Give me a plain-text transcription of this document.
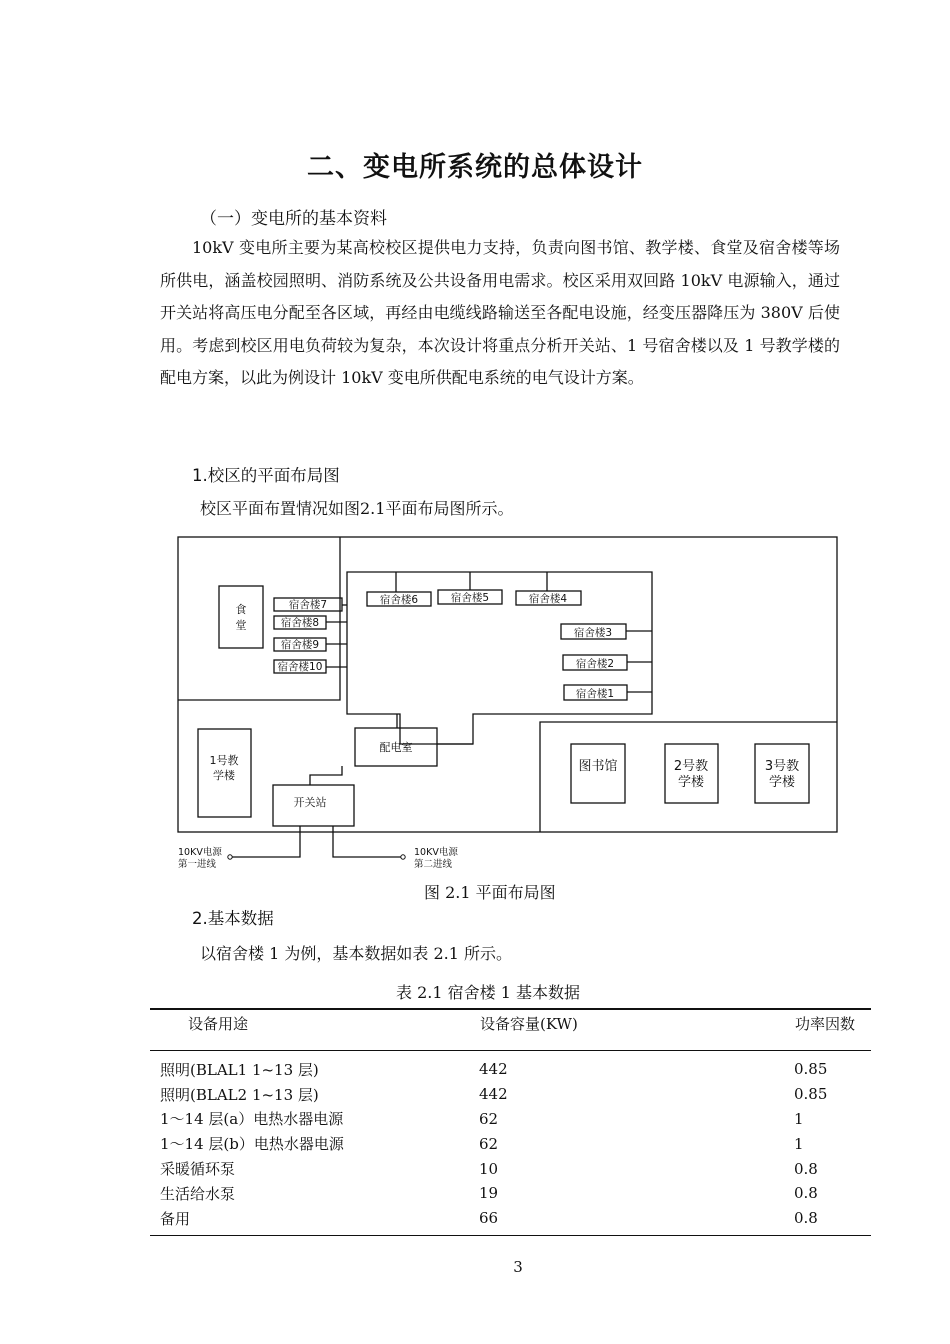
二、变电所系统的总体设计
（一）变电所的基本资料
10kV 变电所主要为某高校校区提供电力支持，负责向图书馆、教学楼、食堂及宿舍楼等场所供电，涵盖校园照明、消防系统及公共设备用电需求。校区采用双回路 10kV 电源输入，通过开关站将高压电分配至各区域，再经由电缆线路输送至各配电设施，经变压器降压为 380V 后使用。考虑到校区用电负荷较为复杂，本次设计将重点分析开关站、1 号宿舍楼以及 1 号教学楼的配电方案，以此为例设计 10kV 变电所供配电系统的电气设计方案。
1.校区的平面布局图
校区平面布置情况如图2.1平面布局图所示。
食
堂
宿舍楼7
宿舍楼8
宿舍楼9
宿舍楼10
宿舍楼6	宿舍楼5	宿舍楼4
宿舍楼3
宿舍楼2
宿舍楼1
配电室
1号教
学楼
开关站
图书馆	2号教
学楼
3号教
学楼
10KV电源
第一进线
10KV电源
第二进线
图 2.1 平面布局图
2.基本数据
以宿舍楼 1 为例，基本数据如表 2.1 所示。
表 2.1 宿舍楼 1 基本数据
设备用途	设备容量(KW)	功率因数
照明(BLAL1 1~13 层)	442	0.85
照明(BLAL2 1~13 层)	442	0.85
1～14 层(a）电热水器电源	62	1
1～14 层(b）电热水器电源	62	1
采暖循环泵	10	0.8
生活给水泵	19	0.8
备用	66	0.8
3
